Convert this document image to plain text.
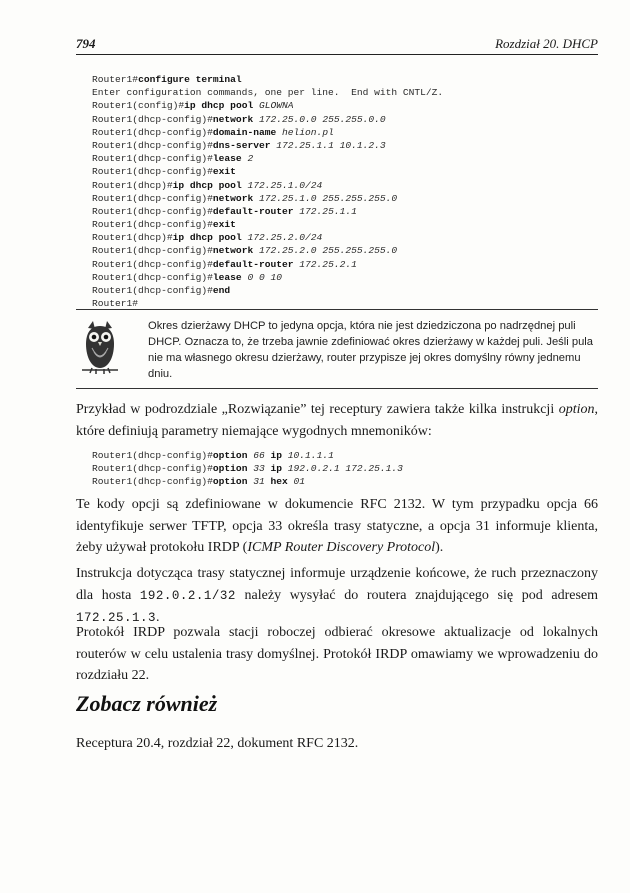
794	Rozdział 20. DHCP
Router1#configure terminal
Enter configuration commands, one per line.  End with CNTL/Z.
Router1(config)#ip dhcp pool GLOWNA
Router1(dhcp-config)#network 172.25.0.0 255.255.0.0
Router1(dhcp-config)#domain-name helion.pl
Router1(dhcp-config)#dns-server 172.25.1.1 10.1.2.3
Router1(dhcp-config)#lease 2
Router1(dhcp-config)#exit
Router1(dhcp)#ip dhcp pool 172.25.1.0/24
Router1(dhcp-config)#network 172.25.1.0 255.255.255.0
Router1(dhcp-config)#default-router 172.25.1.1
Router1(dhcp-config)#exit
Router1(dhcp)#ip dhcp pool 172.25.2.0/24
Router1(dhcp-config)#network 172.25.2.0 255.255.255.0
Router1(dhcp-config)#default-router 172.25.2.1
Router1(dhcp-config)#lease 0 0 10
Router1(dhcp-config)#end
Router1#
Okres dzierżawy DHCP to jedyna opcja, która nie jest dziedziczona po nadrzędnej puli DHCP. Oznacza to, że trzeba jawnie zdefiniować okres dzierżawy w każdej puli. Jeśli pula nie ma własnego okresu dzierżawy, router przypisze jej okres domyślny równy jednemu dniu.
Przykład w podrozdziale „Rozwiązanie” tej receptury zawiera także kilka instrukcji option, które definiują parametry niemające wygodnych mnemoników:
Router1(dhcp-config)#option 66 ip 10.1.1.1
Router1(dhcp-config)#option 33 ip 192.0.2.1 172.25.1.3
Router1(dhcp-config)#option 31 hex 01
Te kody opcji są zdefiniowane w dokumencie RFC 2132. W tym przypadku opcja 66 identyfikuje serwer TFTP, opcja 33 określa trasy statyczne, a opcja 31 informuje klienta, żeby używał protokołu IRDP (ICMP Router Discovery Protocol).
Instrukcja dotycząca trasy statycznej informuje urządzenie końcowe, że ruch przeznaczony dla hosta 192.0.2.1/32 należy wysyłać do routera znajdującego się pod adresem 172.25.1.3.
Protokół IRDP pozwala stacji roboczej odbierać okresowe aktualizacje od lokalnych routerów w celu ustalenia trasy domyślnej. Protokół IRDP omawiamy we wprowadzeniu do rozdziału 22.
Zobacz również
Receptura 20.4, rozdział 22, dokument RFC 2132.
